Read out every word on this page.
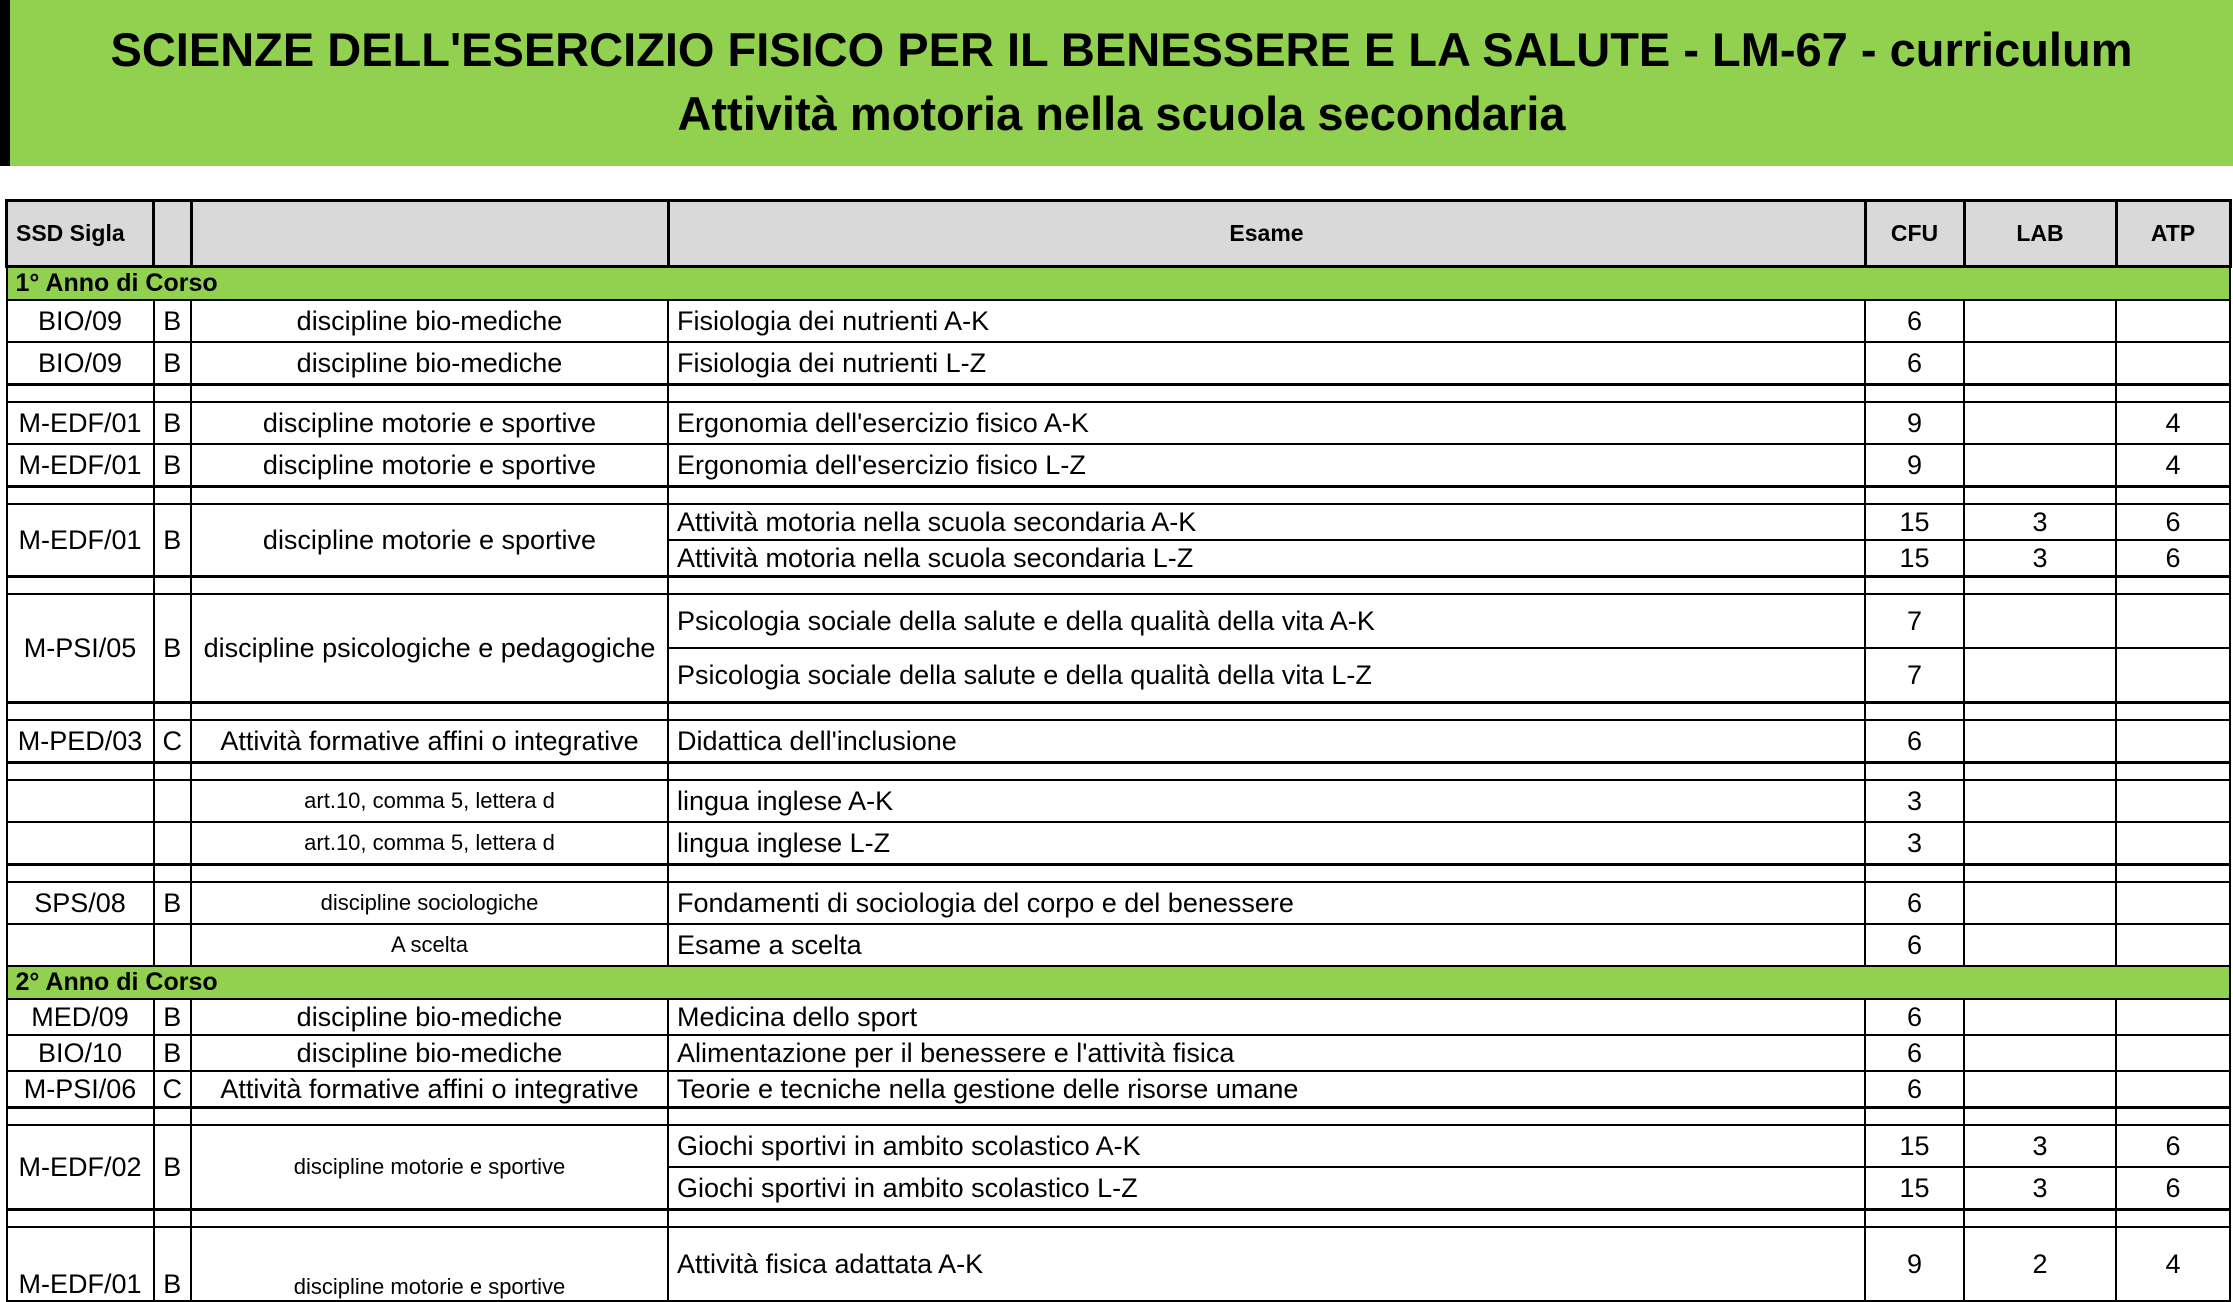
SCIENZE DELL'ESERCIZIO FISICO PER IL BENESSERE E LA SALUTE - LM-67 - curriculum
Attività motoria nella scuola secondaria
SSD Sigla			Esame	CFU	LAB	ATP
1° Anno di Corso						
BIO/09	B	discipline bio-mediche	Fisiologia dei nutrienti A-K	6		
BIO/09	B	discipline bio-mediche	Fisiologia dei nutrienti L-Z	6		

M-EDF/01	B	discipline motorie e sportive	Ergonomia dell'esercizio fisico A-K	9		4
M-EDF/01	B	discipline motorie e sportive	Ergonomia dell'esercizio fisico L-Z	9		4

M-EDF/01	B	discipline motorie e sportive	Attività motoria nella scuola secondaria A-K	15	3	6
			Attività motoria nella scuola secondaria L-Z	15	3	6

M-PSI/05	B	discipline psicologiche e pedagogiche	Psicologia sociale della salute e della qualità della vita A-K	7		
			Psicologia sociale della salute e della qualità della vita L-Z	7		

M-PED/03	C	Attività formative affini o integrative	Didattica dell'inclusione	6		

		art.10, comma 5, lettera d	lingua inglese A-K	3		
		art.10, comma 5, lettera d	lingua inglese L-Z	3		

SPS/08	B	discipline sociologiche	Fondamenti di sociologia del corpo e del benessere	6		
		A scelta	Esame a scelta	6		
2° Anno di Corso						
MED/09	B	discipline bio-mediche	Medicina dello sport	6		
BIO/10	B	discipline bio-mediche	Alimentazione per il benessere e l'attività fisica	6		
M-PSI/06	C	Attività formative affini o integrative	Teorie e tecniche nella gestione delle risorse umane	6		

M-EDF/02	B	discipline motorie e sportive	Giochi sportivi in ambito scolastico A-K	15	3	6
			Giochi sportivi in ambito scolastico L-Z	15	3	6

M-EDF/01	B	discipline motorie e sportive	Attività fisica adattata A-K	9	2	4
